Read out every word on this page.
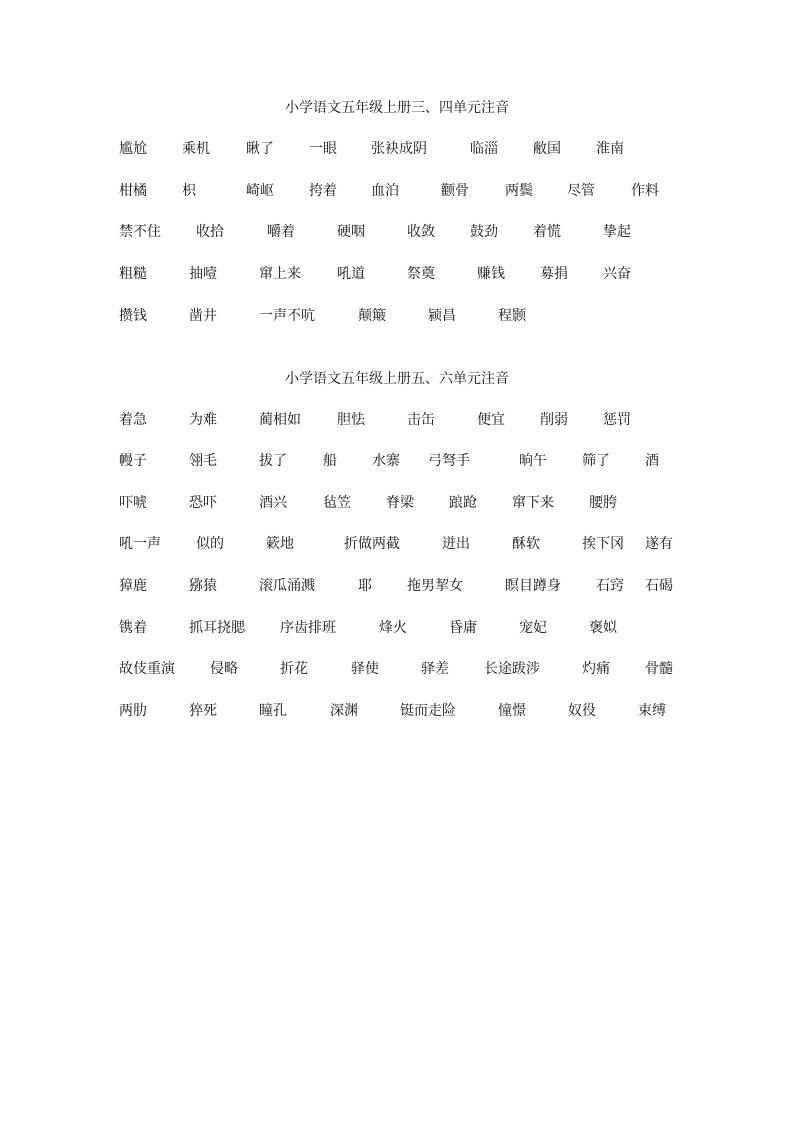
小学语文五年级上册三、四单元注音
尴尬	乘机	瞅了	一眼 张袂成阴	临淄	敝国	淮南
柑橘	枳	崎岖	挎着 血泊	颧骨	两鬓 尽管	作料
禁不住	收拾	嚼着	硬咽	收敛	鼓劲	着慌	挚起
粗糙	抽噎	窜上来	吼道	祭奠	赚钱	募捐	兴奋
攒钱	凿井	一声不吭	颠簸	颍昌	程颢
小学语文五年级上册五、六单元注音
着急	为难	蔺相如	胆怯	击缶	便宜	削弱	惩罚
幔子	翎毛	拔了	船	水寨 弓弩手	晌午	筛了	酒
吓唬	恐吓	酒兴	毡笠	脊梁	踉跄	窜下来	腰胯
吼一声	似的	簌地	折做两截	迸出	酥软	挨下冈 遂有
獐鹿	猕猿	滚瓜涌溅	耶	拖男挈女	瞑目蹲身	石窍 石碣
镌着	抓耳挠腮	序齿排班	烽火	昏庸	宠妃	褒姒
故伎重演	侵略	折花	驿使	驿差	长途跋涉	灼痛	骨髓
两肋	猝死	瞳孔	深渊	铤而走险	憧憬	奴役	束缚
